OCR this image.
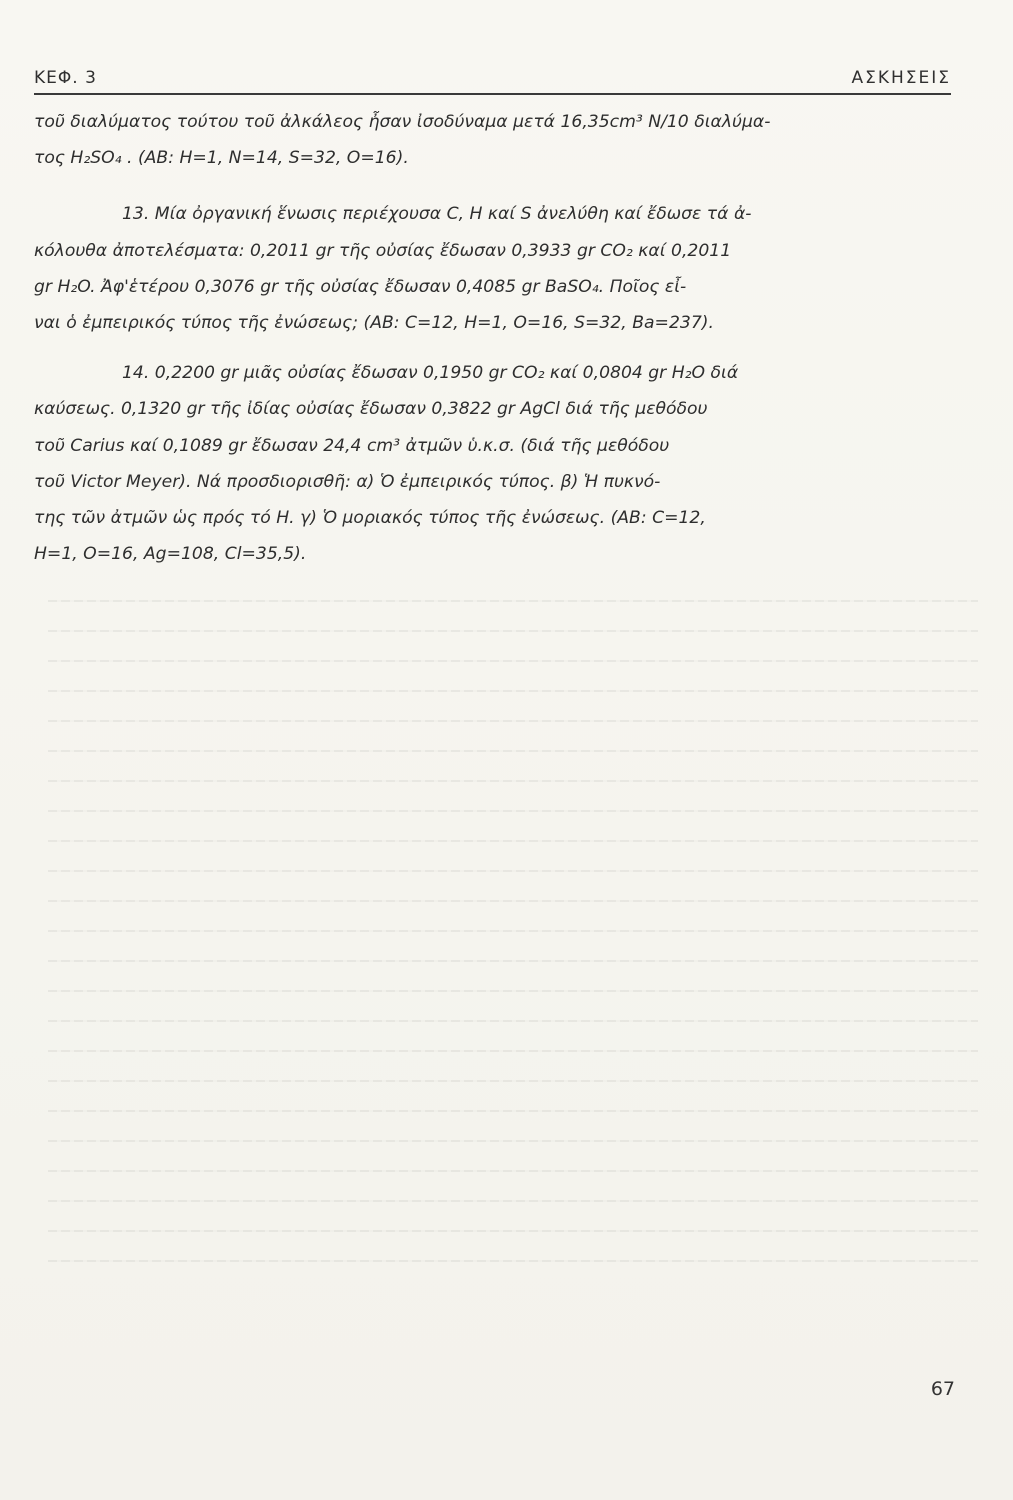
ΚΕΦ. 3	ΑΣΚΗΣΕΙΣ
τοῦ διαλύματος τούτου τοῦ ἀλκάλεος ἦσαν ἰσοδύναμα μετά 16,35cm³ Ν/10 διαλύμα-
τος H₂SO₄ . (ΑΒ: Η=1, Ν=14, S=32, Ο=16).
13. Μία ὀργανική ἕνωσις περιέχουσα C, Η καί S ἀνελύθη καί ἔδωσε τά ἀ-
κόλουθα ἀποτελέσματα: 0,2011 gr τῆς οὐσίας ἔδωσαν 0,3933 gr CO₂ καί 0,2011
gr H₂O. Ἀφ'ἑτέρου 0,3076 gr τῆς οὐσίας ἔδωσαν 0,4085 gr BaSO₄. Ποῖος εἶ-
ναι ὁ ἐμπειρικός τύπος τῆς ἐνώσεως; (ΑΒ: C=12, Η=1, Ο=16, S=32, Ba=237).
14. 0,2200 gr μιᾶς οὐσίας ἔδωσαν 0,1950 gr CO₂ καί 0,0804 gr H₂O διά
καύσεως. 0,1320 gr τῆς ἰδίας οὐσίας ἔδωσαν 0,3822 gr AgCl διά τῆς μεθόδου
τοῦ Carius καί 0,1089 gr ἔδωσαν 24,4 cm³ ἀτμῶν ὑ.κ.σ. (διά τῆς μεθόδου
τοῦ Victor Meyer). Νά προσδιορισθῆ: α) Ὁ ἐμπειρικός τύπος. β) Ἡ πυκνό-
της τῶν ἀτμῶν ὡς πρός τό Η. γ) Ὁ μοριακός τύπος τῆς ἐνώσεως. (ΑΒ: C=12,
Η=1, Ο=16, Ag=108, Cl=35,5).
67
